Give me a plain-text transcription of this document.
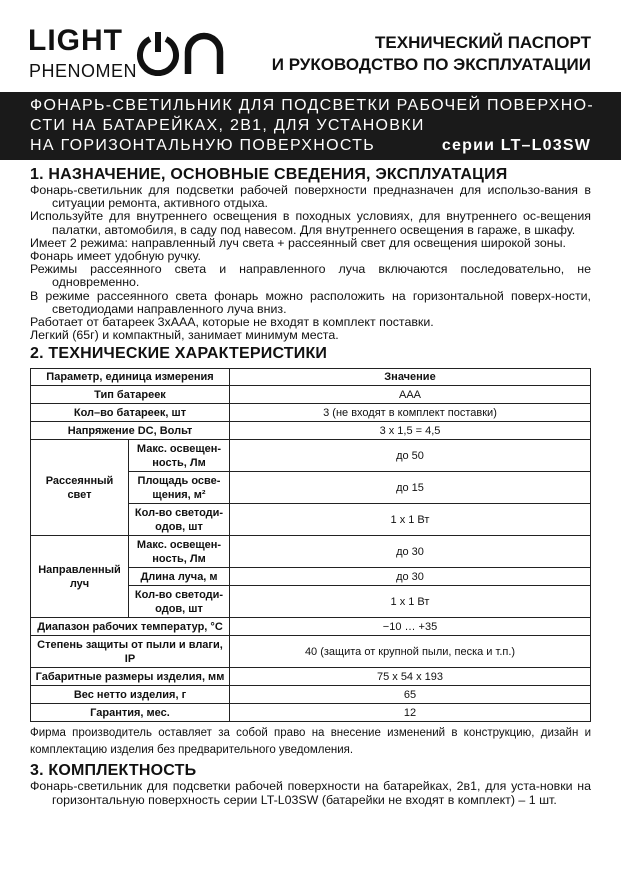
LIGHT
PHENOMEN
ТЕХНИЧЕСКИЙ ПАСПОРТ
И РУКОВОДСТВО ПО ЭКСПЛУАТАЦИИ
ФОНАРЬ-СВЕТИЛЬНИК ДЛЯ ПОДСВЕТКИ РАБОЧЕЙ ПОВЕРХНО-
СТИ НА БАТАРЕЙКАХ, 2В1, ДЛЯ УСТАНОВКИ
НА ГОРИЗОНТАЛЬНУЮ ПОВЕРХНОСТЬ	серии LT–L03SW
1. НАЗНАЧЕНИЕ, ОСНОВНЫЕ СВЕДЕНИЯ, ЭКСПЛУАТАЦИЯ

Фонарь-светильник для подсветки рабочей поверхности предназначен для использо-вания в ситуации ремонта, активного отдыха.

Используйте для внутреннего освещения в походных условиях, для внутреннего ос-вещения палатки, автомобиля, в саду под навесом. Для внутреннего освещения в гараже, в шкафу.

Имеет 2 режима: направленный луч света + рассеянный свет для освещения широкой зоны.

Фонарь имеет удобную ручку.

Режимы рассеянного света и направленного луча включаются последовательно, не одновременно.

В режиме рассеянного света фонарь можно расположить на горизонтальной поверх-ности, светодиодами направленного луча вниз.

Работает от батареек 3хААА, которые не входят в комплект поставки.

Легкий (65г) и компактный, занимает минимум места.

2. ТЕХНИЧЕСКИЕ ХАРАКТЕРИСТИКИ
Параметр, единица измерения		Значение
Тип батареек		AAA
Кол–во батареек, шт		3 (не входят в комплект поставки)
Напряжение DC, Вольт		3 х 1,5 = 4,5
Рассеянный свет	Макс. освещен-ность, Лм	до 50
	Площадь осве-щения, м²	до 15
	Кол-во светоди-одов, шт	1 х 1 Вт
Направленный луч	Макс. освещен-ность, Лм	до 30
	Длина луча, м	до 30
	Кол-во светоди-одов, шт	1 х 1 Вт
Диапазон рабочих температур, °С		−10 … +35
Степень защиты от пыли и влаги, IP		40 (защита от крупной пыли, песка и т.п.)
Габаритные размеры изделия, мм		75 х 54 х 193
Вес нетто изделия, г		65
Гарантия, мес.		12

Фирма производитель оставляет за собой право на внесение изменений в конструкцию, дизайн и комплектацию изделия без предварительного уведомления.

3. КОМПЛЕКТНОСТЬ

Фонарь-светильник для подсветки рабочей поверхности на батарейках, 2в1, для уста-новки на горизонтальную поверхность серии LT-L03SW (батарейки не входят в комплект) – 1 шт.
